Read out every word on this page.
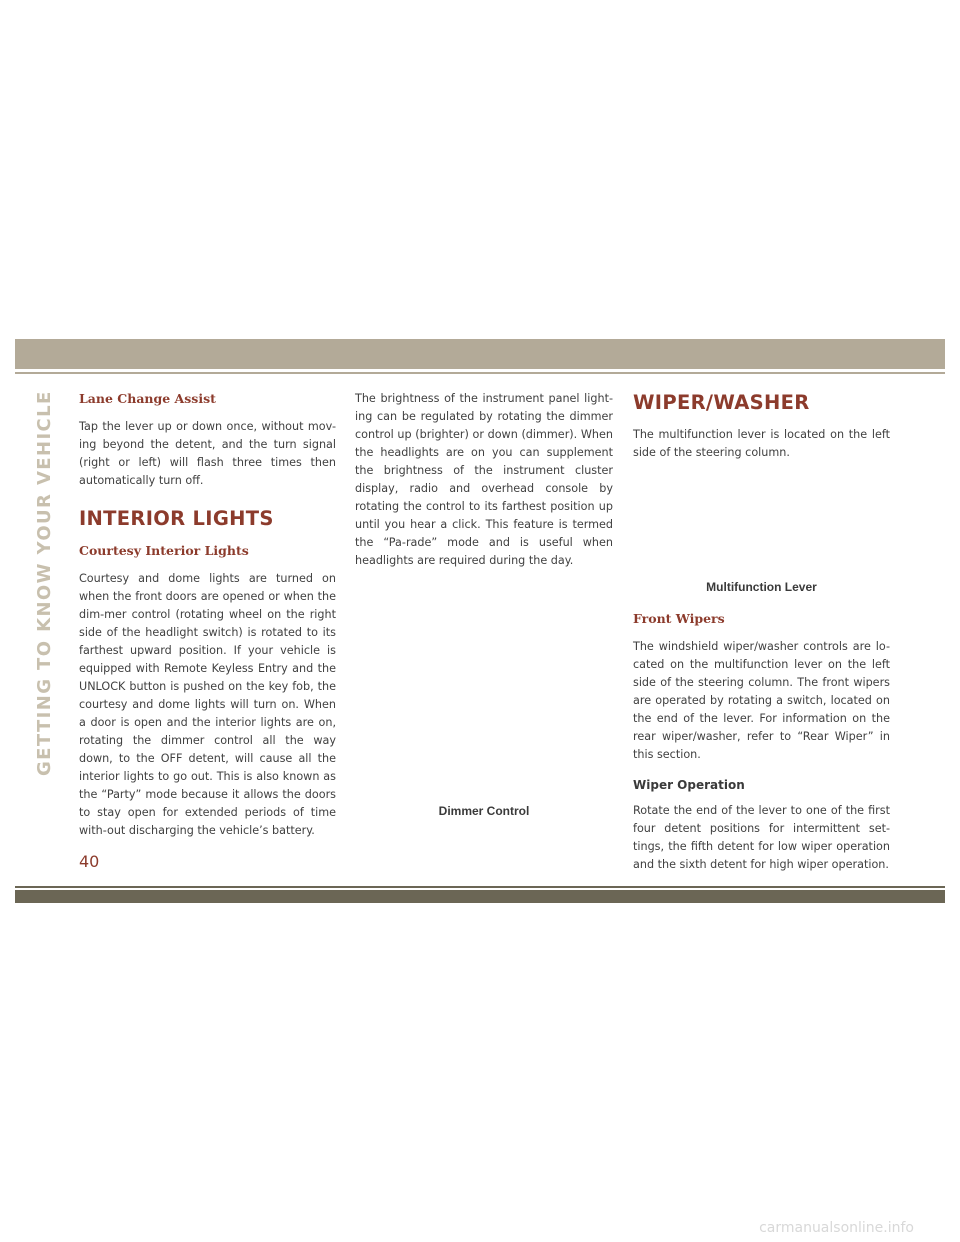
GETTING TO KNOW YOUR VEHICLE Lane Change Assist

Tap the lever up or down once, without mov-ing beyond the detent, and the turn signal (right or left) will flash three times then automatically turn off.

INTERIOR LIGHTS
Courtesy Interior Lights

Courtesy and dome lights are turned on when the front doors are opened or when the dim-mer control (rotating wheel on the right side of the headlight switch) is rotated to its farthest upward position. If your vehicle is equipped with Remote Keyless Entry and the UNLOCK button is pushed on the key fob, the courtesy and dome lights will turn on. When a door is open and the interior lights are on, rotating the dimmer control all the way down, to the OFF detent, will cause all the interior lights to go out. This is also known as the “Party” mode because it allows the doors to stay open for extended periods of time with-out discharging the vehicle’s battery.

The brightness of the instrument panel light-ing can be regulated by rotating the dimmer control up (brighter) or down (dimmer). When the headlights are on you can supplement the brightness of the instrument cluster display, radio and overhead console by rotating the control to its farthest position up until you hear a click. This feature is termed the “Pa-rade” mode and is useful when headlights are required during the day.

Dimmer Control
WIPER/WASHER

The multifunction lever is located on the left side of the steering column.

Multifunction Lever
Front Wipers

The windshield wiper/washer controls are lo-cated on the multifunction lever on the left side of the steering column. The front wipers are operated by rotating a switch, located on the end of the lever. For information on the rear wiper/washer, refer to “Rear Wiper” in this section.

Wiper Operation

Rotate the end of the lever to one of the first four detent positions for intermittent set-tings, the fifth detent for low wiper operation and the sixth detent for high wiper operation.

40
carmanualsonline.info
